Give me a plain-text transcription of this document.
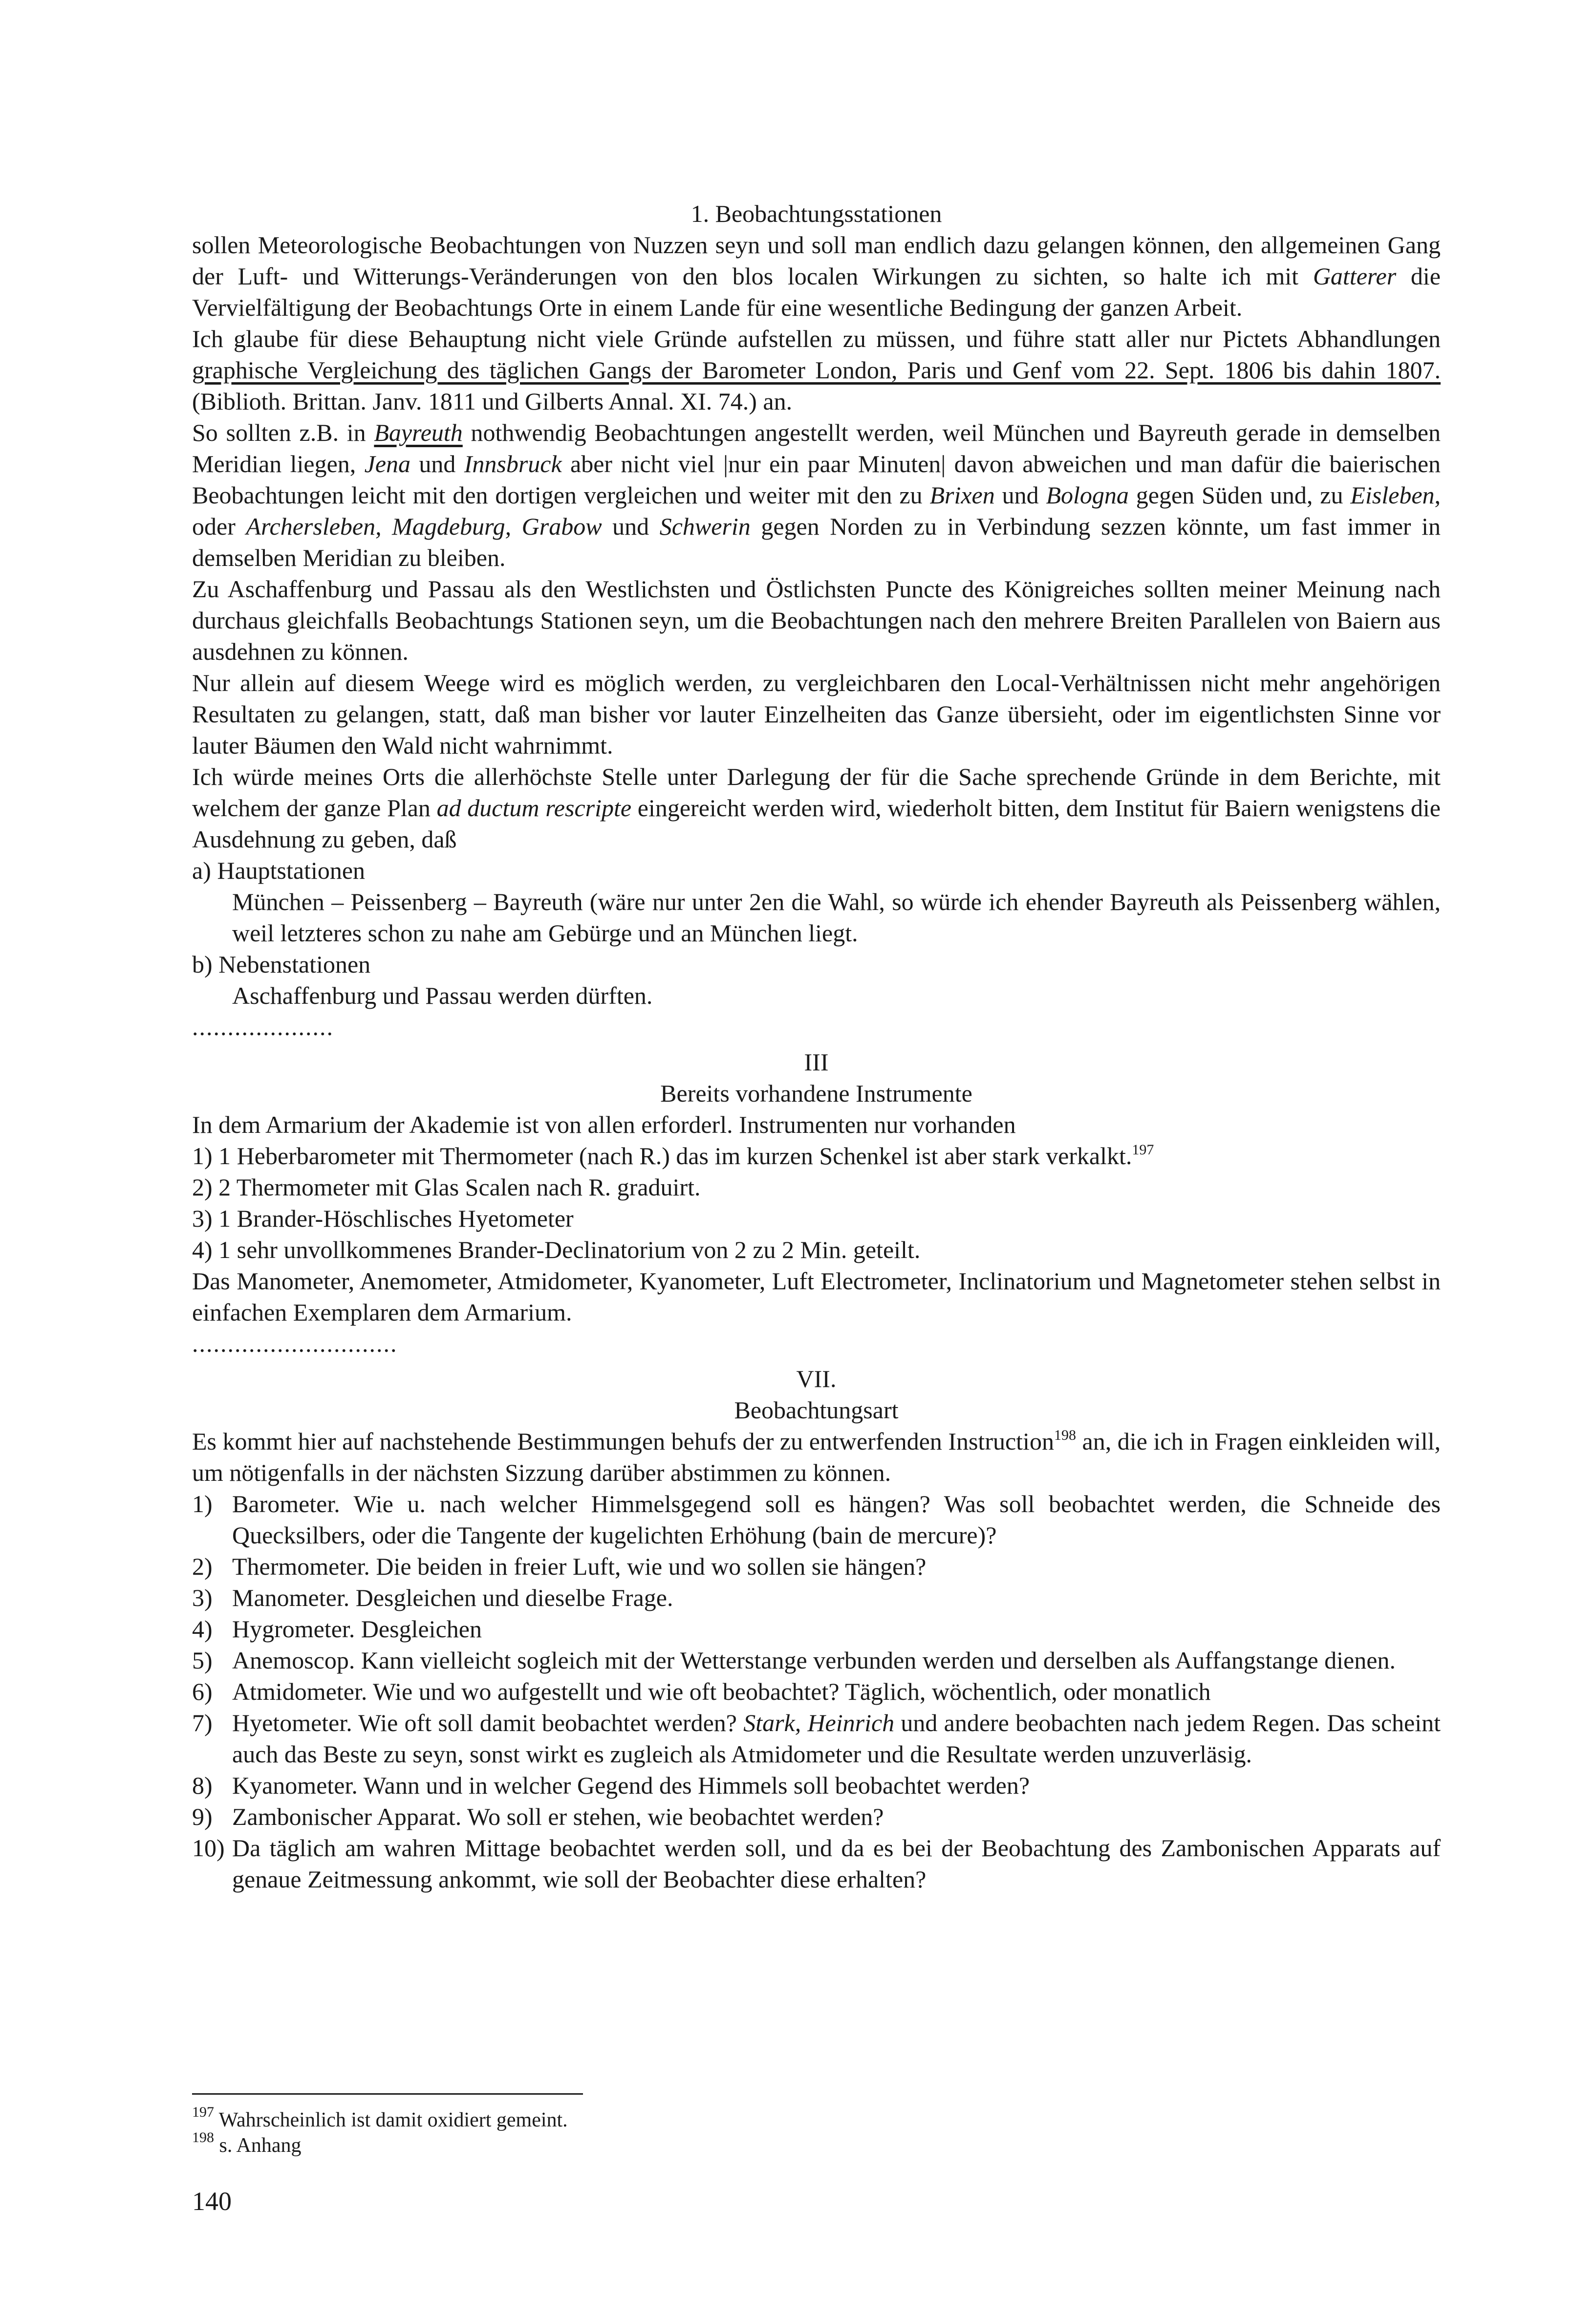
1. Beobachtungsstationen

sollen Meteorologische Beobachtungen von Nuzzen seyn und soll man endlich dazu gelangen können, den allgemeinen Gang der Luft- und Witterungs-Veränderungen von den blos localen Wirkungen zu sichten, so halte ich mit Gatterer die Vervielfältigung der Beobachtungs Orte in einem Lande für eine wesentliche Bedingung der ganzen Arbeit.

Ich glaube für diese Behauptung nicht viele Gründe aufstellen zu müssen, und führe statt aller nur Pictets Abhandlungen graphische Vergleichung des täglichen Gangs der Barometer London, Paris und Genf vom 22. Sept. 1806 bis dahin 1807. (Biblioth. Brittan. Janv. 1811 und Gilberts Annal. XI. 74.) an.

So sollten z.B. in Bayreuth nothwendig Beobachtungen angestellt werden, weil München und Bayreuth gerade in demselben Meridian liegen, Jena und Innsbruck aber nicht viel |nur ein paar Minuten| davon abweichen und man dafür die baierischen Beobachtungen leicht mit den dortigen vergleichen und weiter mit den zu Brixen und Bologna gegen Süden und, zu Eisleben, oder Archersleben, Magdeburg, Grabow und Schwerin gegen Norden zu in Verbindung sezzen könnte, um fast immer in demselben Meridian zu bleiben.

Zu Aschaffenburg und Passau als den Westlichsten und Östlichsten Puncte des Königreiches sollten meiner Meinung nach durchaus gleichfalls Beobachtungs Stationen seyn, um die Beobachtungen nach den mehrere Breiten Parallelen von Baiern aus ausdehnen zu können.

Nur allein auf diesem Weege wird es möglich werden, zu vergleichbaren den Local-Verhältnissen nicht mehr angehörigen Resultaten zu gelangen, statt, daß man bisher vor lauter Einzelheiten das Ganze übersieht, oder im eigentlichsten Sinne vor lauter Bäumen den Wald nicht wahrnimmt.

Ich würde meines Orts die allerhöchste Stelle unter Darlegung der für die Sache sprechende Gründe in dem Berichte, mit welchem der ganze Plan ad ductum rescripte eingereicht werden wird, wiederholt bitten, dem Institut für Baiern wenigstens die Ausdehnung zu geben, daß

a) Hauptstationen

München – Peissenberg – Bayreuth (wäre nur unter 2en die Wahl, so würde ich ehender Bayreuth als Peissenberg wählen, weil letzteres schon zu nahe am Gebürge und an München liegt.

b) Nebenstationen

Aschaffenburg und Passau werden dürften.

....................

III

Bereits vorhandene Instrumente

In dem Armarium der Akademie ist von allen erforderl. Instrumenten nur vorhanden

1) 1 Heberbarometer mit Thermometer (nach R.) das im kurzen Schenkel ist aber stark verkalkt.$^{197}$

2) 2 Thermometer mit Glas Scalen nach R. graduirt.

3) 1 Brander-Höschlisches Hyetometer

4) 1 sehr unvollkommenes Brander-Declinatorium von 2 zu 2 Min. geteilt.

Das Manometer, Anemometer, Atmidometer, Kyanometer, Luft Electrometer, Inclinatorium und Magnetometer stehen selbst in einfachen Exemplaren dem Armarium.

.............................

VII.

Beobachtungsart

Es kommt hier auf nachstehende Bestimmungen behufs der zu entwerfenden Instruction$^{198}$ an, die ich in Fragen einkleiden will, um nötigenfalls in der nächsten Sizzung darüber abstimmen zu können.

1) Barometer. Wie u. nach welcher Himmelsgegend soll es hängen? Was soll beobachtet werden, die Schneide des Quecksilbers, oder die Tangente der kugelichten Erhöhung (bain de mercure)?
2) Thermometer. Die beiden in freier Luft, wie und wo sollen sie hängen?
3) Manometer. Desgleichen und dieselbe Frage.
4) Hygrometer. Desgleichen
5) Anemoscop. Kann vielleicht sogleich mit der Wetterstange verbunden werden und derselben als Auffangstange dienen.
6) Atmidometer. Wie und wo aufgestellt und wie oft beobachtet? Täglich, wöchentlich, oder monatlich
7) Hyetometer. Wie oft soll damit beobachtet werden? Stark, Heinrich und andere beobachten nach jedem Regen. Das scheint auch das Beste zu seyn, sonst wirkt es zugleich als Atmidometer und die Resultate werden unzuverläsig.
8) Kyanometer. Wann und in welcher Gegend des Himmels soll beobachtet werden?
9) Zambonischer Apparat. Wo soll er stehen, wie beobachtet werden?
10) Da täglich am wahren Mittage beobachtet werden soll, und da es bei der Beobachtung des Zambonischen Apparats auf genaue Zeitmessung ankommt, wie soll der Beobachter diese erhalten?

$^{197}$ Wahrscheinlich ist damit oxidiert gemeint.

$^{198}$ s. Anhang

140
